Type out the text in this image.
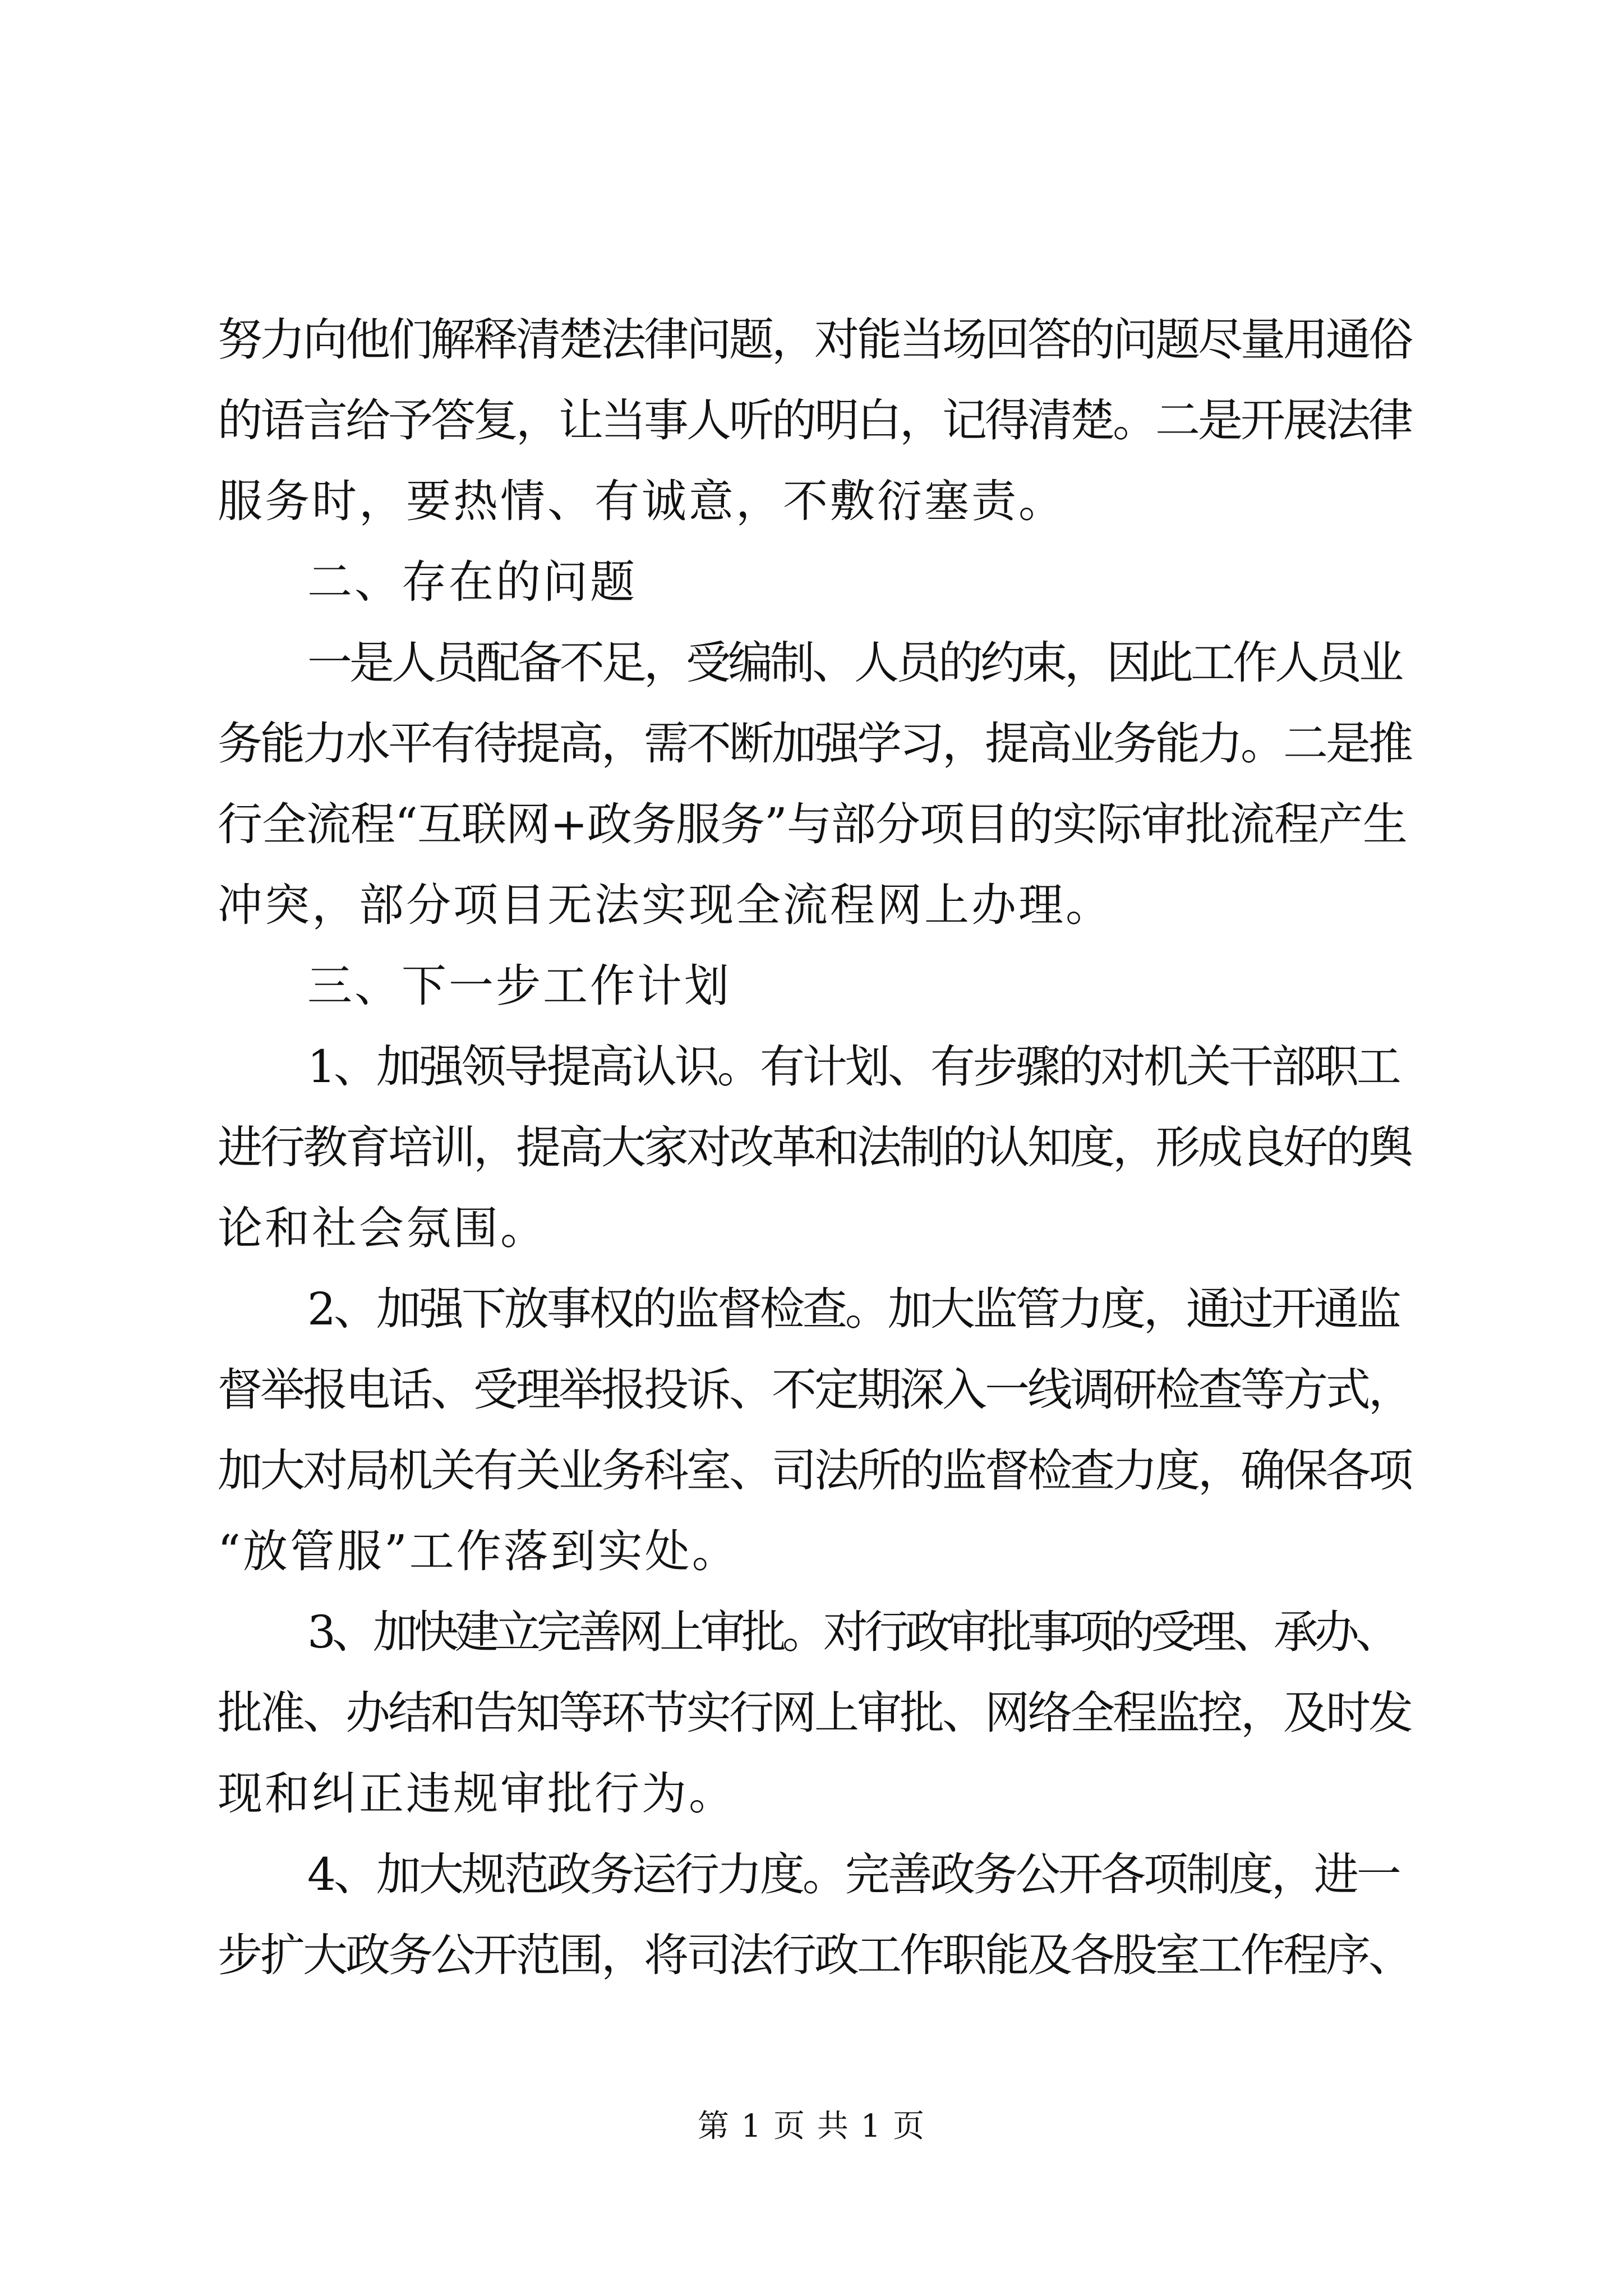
努力向他们解释清楚法律问题，对能当场回答的问题尽量用通俗
的语言给予答复，让当事人听的明白，记得清楚。二是开展法律
服务时，要热情、有诚意，不敷衍塞责。
二、存在的问题
一是人员配备不足，受编制、人员的约束，因此工作人员业
务能力水平有待提高，需不断加强学习，提高业务能力。二是推
行全流程“互联网+政务服务”与部分项目的实际审批流程产生
冲突，部分项目无法实现全流程网上办理。
三、下一步工作计划
1、加强领导提高认识。有计划、有步骤的对机关干部职工
进行教育培训，提高大家对改革和法制的认知度，形成良好的舆
论和社会氛围。
2、加强下放事权的监督检查。加大监管力度，通过开通监
督举报电话、受理举报投诉、不定期深入一线调研检查等方式，
加大对局机关有关业务科室、司法所的监督检查力度，确保各项
“放管服”工作落到实处。
3、加快建立完善网上审批。对行政审批事项的受理、承办、
批准、办结和告知等环节实行网上审批、网络全程监控，及时发
现和纠正违规审批行为。
4、加大规范政务运行力度。完善政务公开各项制度，进一
步扩大政务公开范围，将司法行政工作职能及各股室工作程序、
第 1 页 共 1 页
